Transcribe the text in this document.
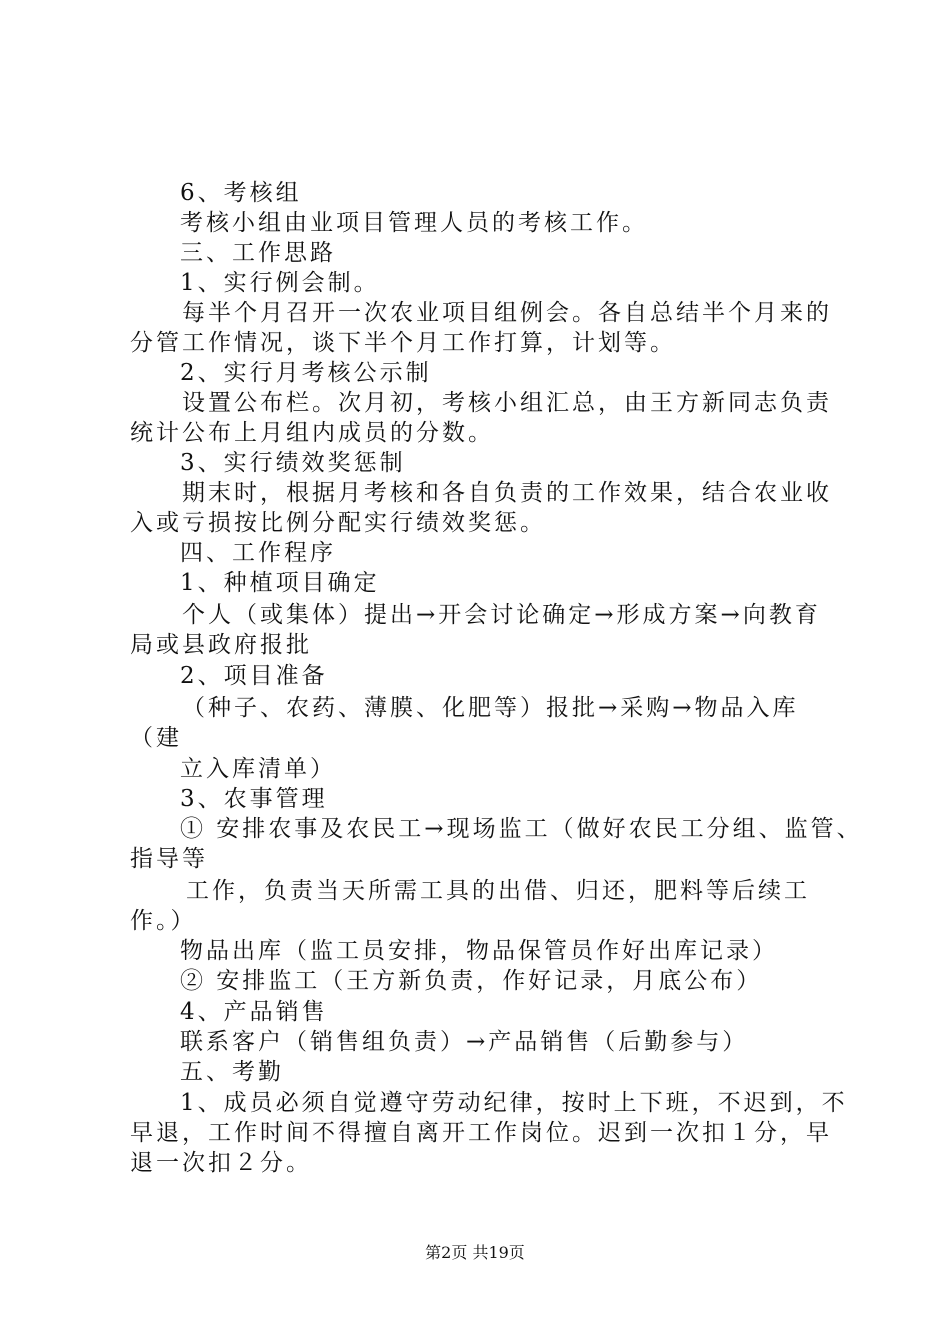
6、考核组
考核小组由业项目管理人员的考核工作。
三、工作思路
1、实行例会制。
每半个月召开一次农业项目组例会。各自总结半个月来的
分管工作情况，谈下半个月工作打算，计划等。
2、实行月考核公示制
设置公布栏。次月初，考核小组汇总，由王方新同志负责
统计公布上月组内成员的分数。
3、实行绩效奖惩制
期末时，根据月考核和各自负责的工作效果，结合农业收
入或亏损按比例分配实行绩效奖惩。
四、工作程序
1、种植项目确定
个人（或集体）提出→开会讨论确定→形成方案→向教育
局或县政府报批
2、项目准备
（种子、农药、薄膜、化肥等）报批→采购→物品入库
（建
立入库清单）
3、农事管理
① 安排农事及农民工→现场监工（做好农民工分组、监管、
指导等
工作，负责当天所需工具的出借、归还，肥料等后续工
作。）
物品出库（监工员安排，物品保管员作好出库记录）
② 安排监工（王方新负责，作好记录，月底公布）
4、产品销售
联系客户（销售组负责）→产品销售（后勤参与）
五、考勤
1、成员必须自觉遵守劳动纪律，按时上下班，不迟到，不
早退，工作时间不得擅自离开工作岗位。迟到一次扣１分，早
退一次扣２分。
第2页 共19页
